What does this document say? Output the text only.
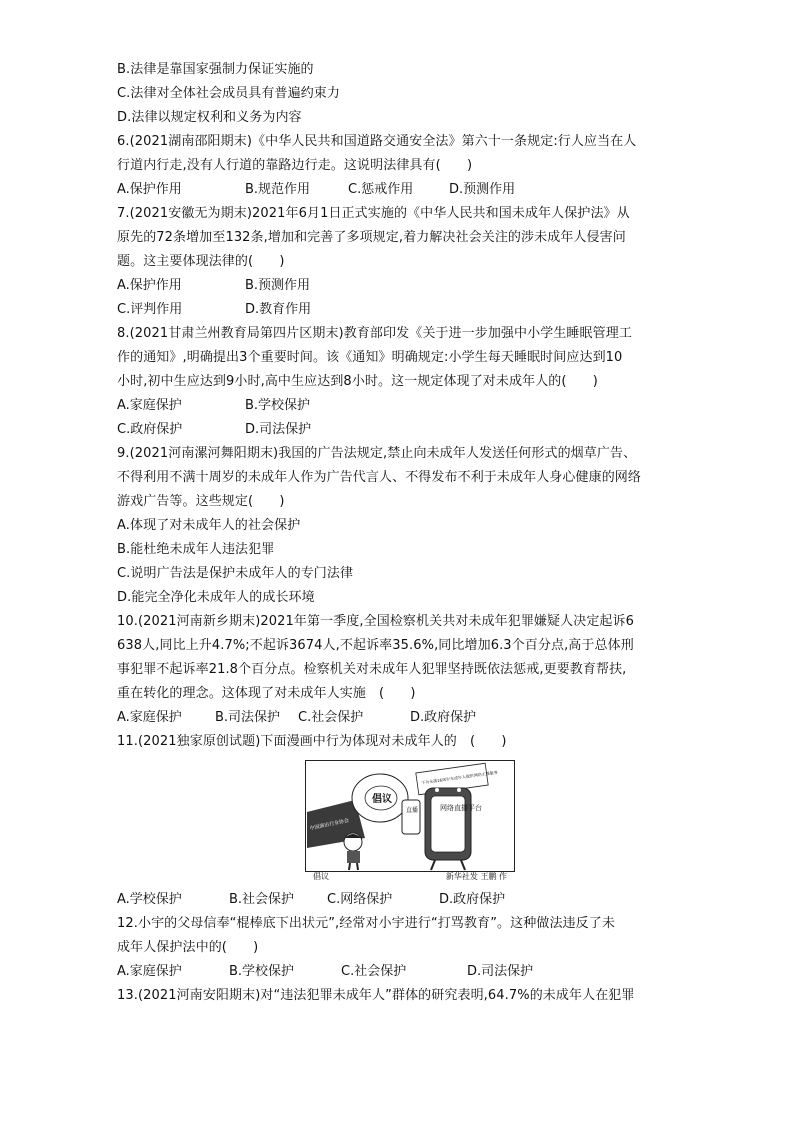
B.法律是靠国家强制力保证实施的
C.法律对全体社会成员具有普遍约束力
D.法律以规定权利和义务为内容
6.(2021湖南邵阳期末)《中华人民共和国道路交通安全法》第六十一条规定:行人应当在人
行道内行走,没有人行道的靠路边行走。这说明法律具有(　　)
A.保护作用	B.规范作用	C.惩戒作用	D.预测作用
7.(2021安徽无为期末)2021年6月1日正式实施的《中华人民共和国未成年人保护法》从
原先的72条增加至132条,增加和完善了多项规定,着力解决社会关注的涉未成年人侵害问
题。这主要体现法律的(　　)
A.保护作用	B.预测作用
C.评判作用	D.教育作用
8.(2021甘肃兰州教育局第四片区期末)教育部印发《关于进一步加强中小学生睡眠管理工
作的通知》,明确提出3个重要时间。该《通知》明确规定:小学生每天睡眠时间应达到10
小时,初中生应达到9小时,高中生应达到8小时。这一规定体现了对未成年人的(　　)
A.家庭保护	B.学校保护
C.政府保护	D.司法保护
9.(2021河南漯河舞阳期末)我国的广告法规定,禁止向未成年人发送任何形式的烟草广告、
不得利用不满十周岁的未成年人作为广告代言人、不得发布不利于未成年人身心健康的网络
游戏广告等。这些规定(　　)
A.体现了对未成年人的社会保护
B.能杜绝未成年人违法犯罪
C.说明广告法是保护未成年人的专门法律
D.能完全净化未成年人的成长环境
10.(2021河南新乡期末)2021年第一季度,全国检察机关共对未成年犯罪嫌疑人决定起诉6
638人,同比上升4.7%;不起诉3674人,不起诉率35.6%,同比增加6.3个百分点,高于总体刑
事犯罪不起诉率21.8个百分点。检察机关对未成年人犯罪坚持既依法惩戒,更要教育帮扶,
重在转化的理念。这体现了对未成年人实施　(　　)
A.家庭保护	B.司法保护	C.社会保护	D.政府保护
11.(2021独家原创试题)下面漫画中行为体现对未成年人的　(　　)
中国演出行业协会
倡议
不为未满16周岁未成年人提供网络主播服务
直播	网络直播平台
倡议	新华社发 王鹏 作
A.学校保护	B.社会保护	C.网络保护	D.政府保护
12.小宇的父母信奉“棍棒底下出状元”,经常对小宇进行“打骂教育”。这种做法违反了未
成年人保护法中的(　　)
A.家庭保护	B.学校保护	C.社会保护	D.司法保护
13.(2021河南安阳期末)对“违法犯罪未成年人”群体的研究表明,64.7%的未成年人在犯罪
